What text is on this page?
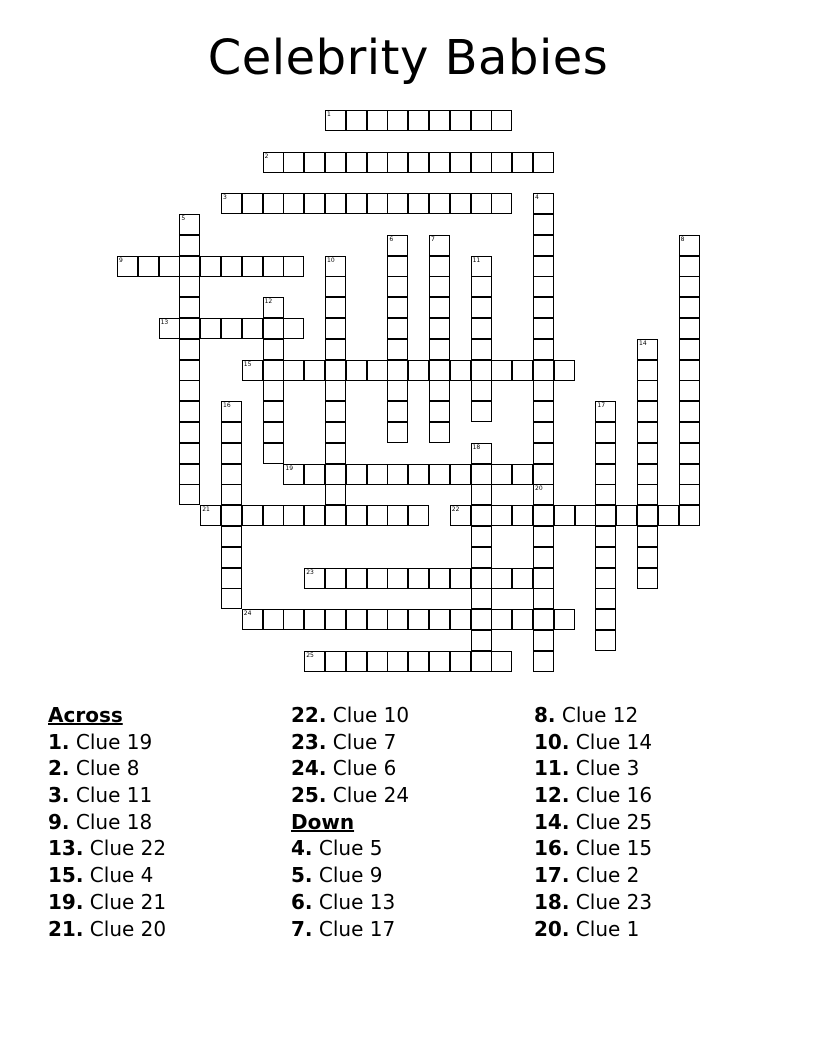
Celebrity Babies
1
2
3
9
13
15
19
21	22
23
24
25
4
5
6	7	8
10	11
12
14
16	17
18
20
Across
1. Clue 19
2. Clue 8
3. Clue 11
9. Clue 18
13. Clue 22
15. Clue 4
19. Clue 21
21. Clue 20
22. Clue 10
23. Clue 7
24. Clue 6
25. Clue 24
Down
4. Clue 5
5. Clue 9
6. Clue 13
7. Clue 17
8. Clue 12
10. Clue 14
11. Clue 3
12. Clue 16
14. Clue 25
16. Clue 15
17. Clue 2
18. Clue 23
20. Clue 1
